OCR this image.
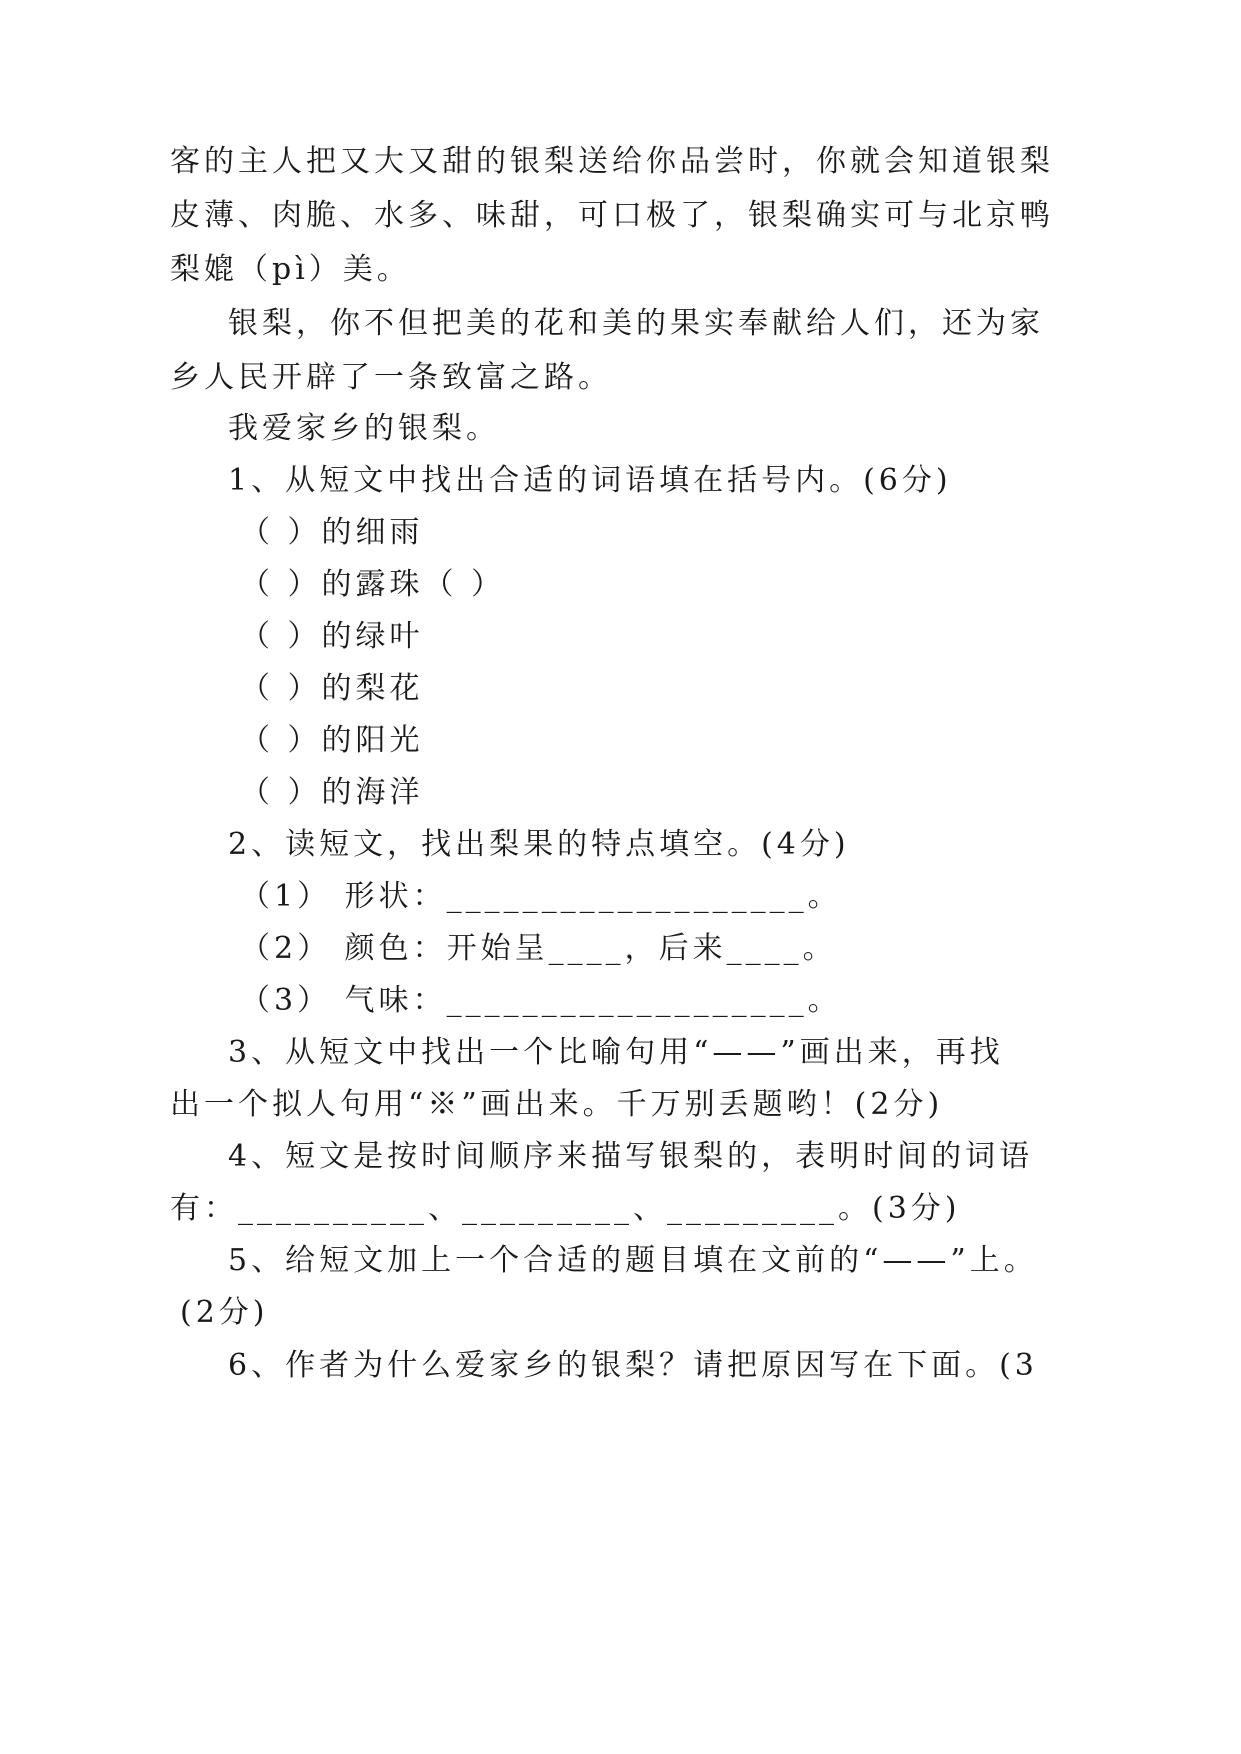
客的主人把又大又甜的银梨送给你品尝时，你就会知道银梨
皮薄、肉脆、水多、味甜，可口极了，银梨确实可与北京鸭
梨媲（pì）美。
银梨，你不但把美的花和美的果实奉献给人们，还为家
乡人民开辟了一条致富之路。
我爱家乡的银梨。
1、从短文中找出合适的词语填在括号内。(6分)
（ ）的细雨
（ ）的露珠（ ）
（ ）的绿叶
（ ）的梨花
（ ）的阳光
（ ）的海洋
2、读短文，找出梨果的特点填空。(4分)
（1） 形状：___________________。
（2） 颜色：开始呈____，后来____。
（3） 气味：___________________。
3、从短文中找出一个比喻句用“——”画出来，再找
出一个拟人句用“※”画出来。千万别丢题哟！(2分)
4、短文是按时间顺序来描写银梨的，表明时间的词语
有：__________、_________、_________。(3分)
5、给短文加上一个合适的题目填在文前的“——”上。
(2分)
6、作者为什么爱家乡的银梨？请把原因写在下面。(3
